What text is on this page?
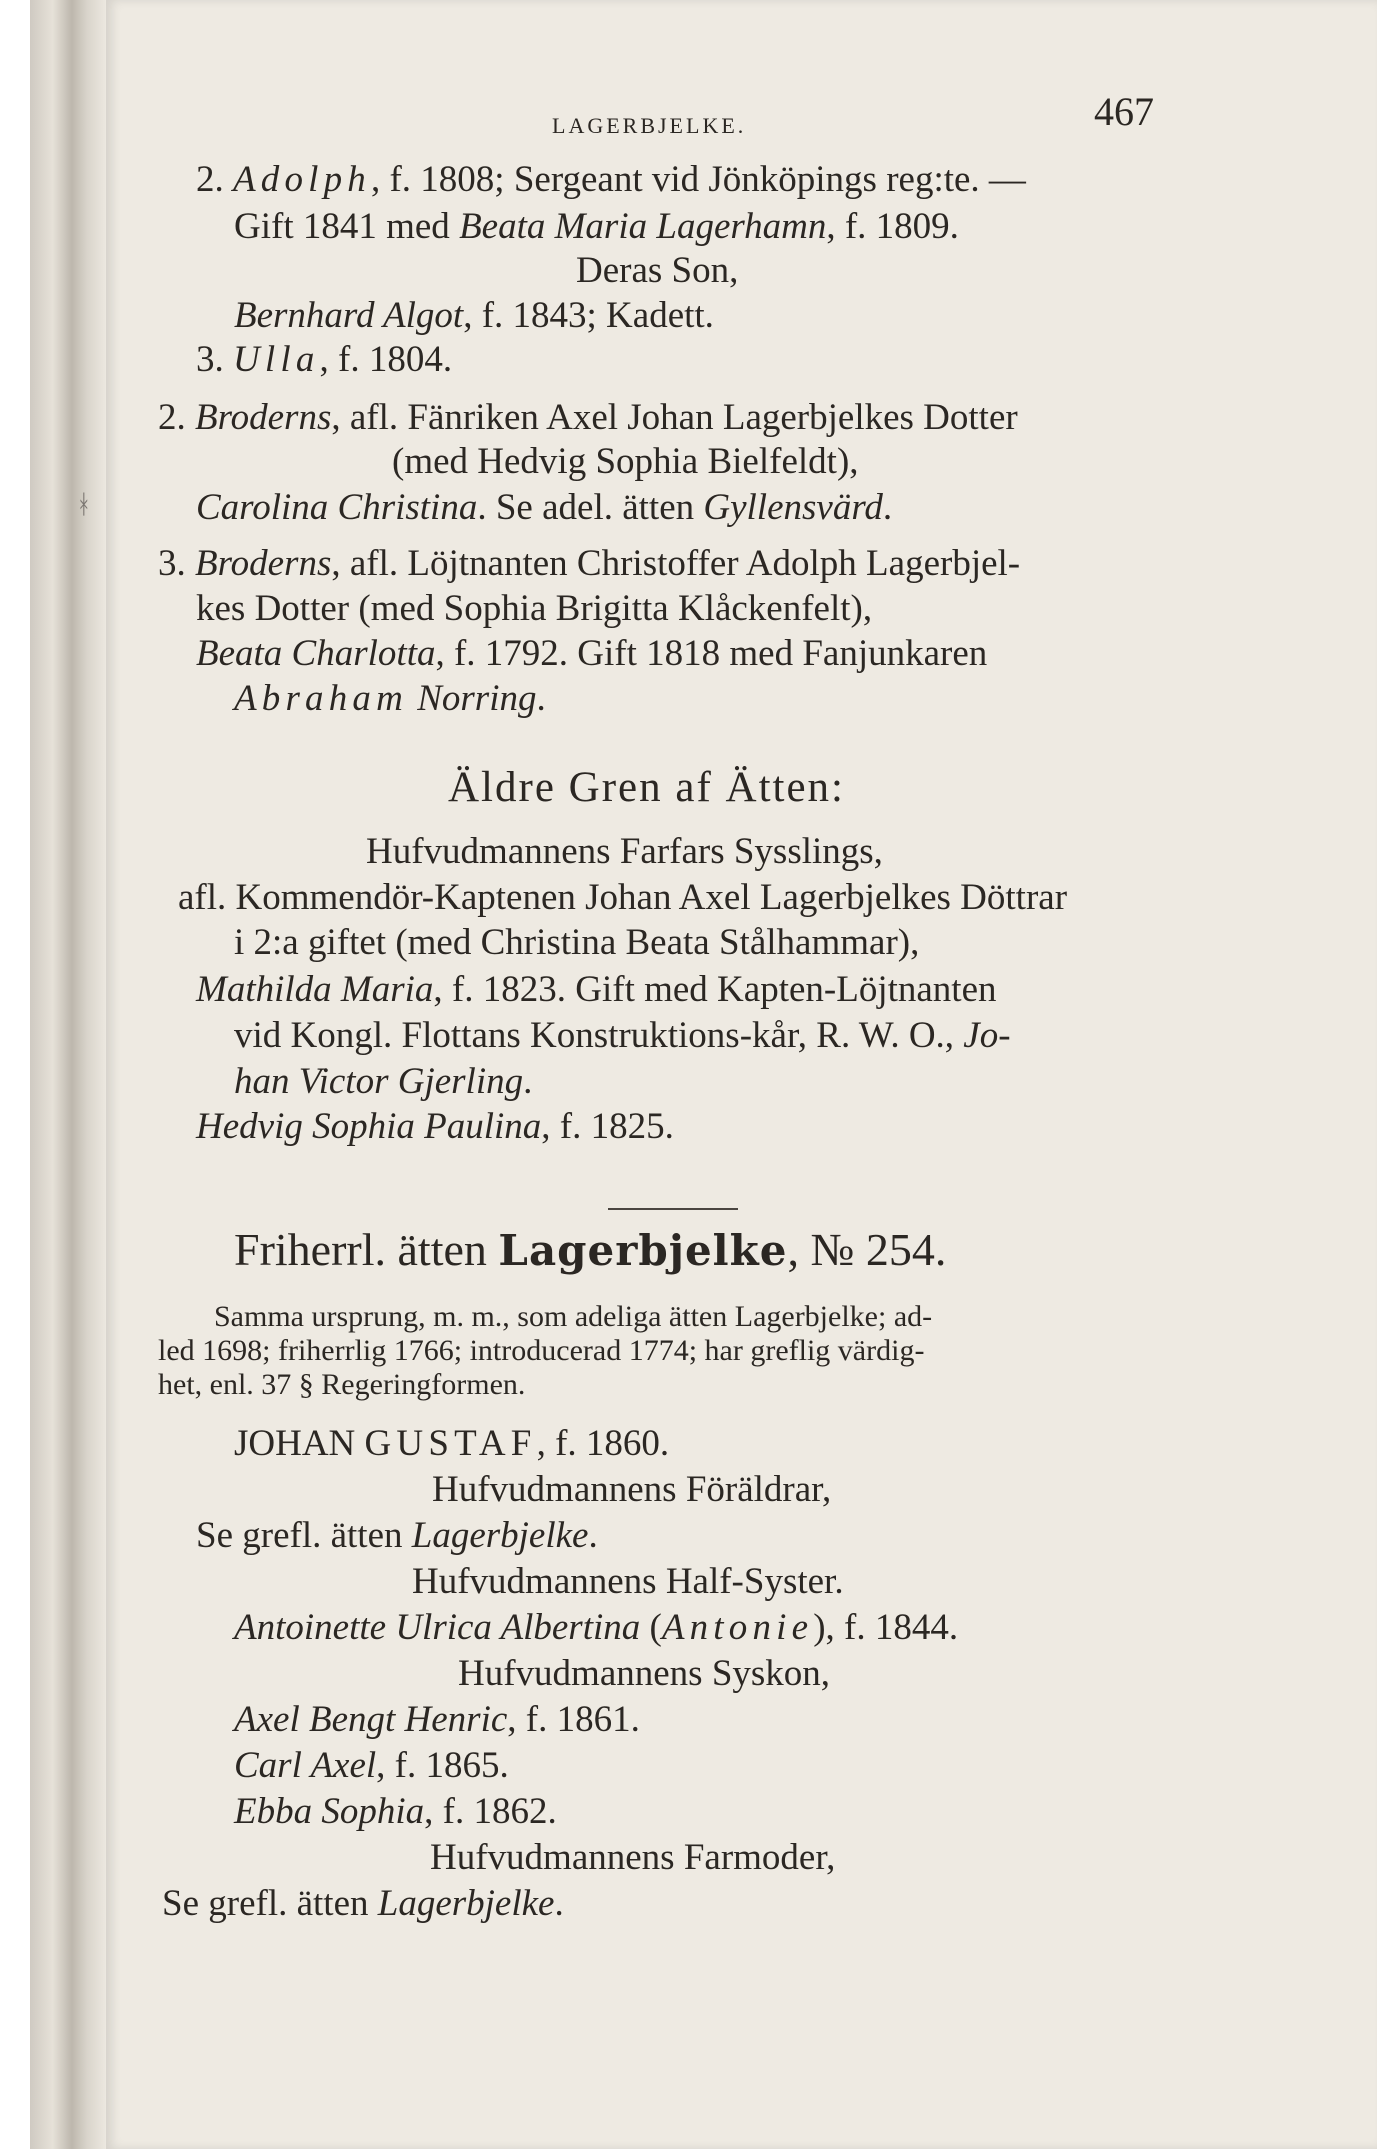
LAGERBJELKE.	467
2. Adolph, f. 1808; Sergeant vid Jönköpings reg:te. —
Gift 1841 med Beata Maria Lagerhamn, f. 1809.
Deras Son,
Bernhard Algot, f. 1843; Kadett.
3. Ulla, f. 1804.
2. Broderns, afl. Fänriken Axel Johan Lagerbjelkes Dotter
(med Hedvig Sophia Bielfeldt),
Carolina Christina. Se adel. ätten Gyllensvärd.
3. Broderns, afl. Löjtnanten Christoffer Adolph Lagerbjel-
kes Dotter (med Sophia Brigitta Klåckenfelt),
Beata Charlotta, f. 1792. Gift 1818 med Fanjunkaren
Abraham Norring.
Äldre Gren af Ätten:
Hufvudmannens Farfars Sysslings,
afl. Kommendör-Kaptenen Johan Axel Lagerbjelkes Döttrar
i 2:a giftet (med Christina Beata Stålhammar),
Mathilda Maria, f. 1823. Gift med Kapten-Löjtnanten
vid Kongl. Flottans Konstruktions-kår, R. W. O., Jo-
han Victor Gjerling.
Hedvig Sophia Paulina, f. 1825.
Friherrl. ätten Lagerbjelke, № 254.
Samma ursprung, m. m., som adeliga ätten Lagerbjelke; ad-
led 1698; friherrlig 1766; introducerad 1774; har greflig värdig-
het, enl. 37 § Regeringformen.
JOHAN GUSTAF, f. 1860.
Hufvudmannens Föräldrar,
Se grefl. ätten Lagerbjelke.
Hufvudmannens Half-Syster.
Antoinette Ulrica Albertina (Antonie), f. 1844.
Hufvudmannens Syskon,
Axel Bengt Henric, f. 1861.
Carl Axel, f. 1865.
Ebba Sophia, f. 1862.
Hufvudmannens Farmoder,
Se grefl. ätten Lagerbjelke.
ᚼ
